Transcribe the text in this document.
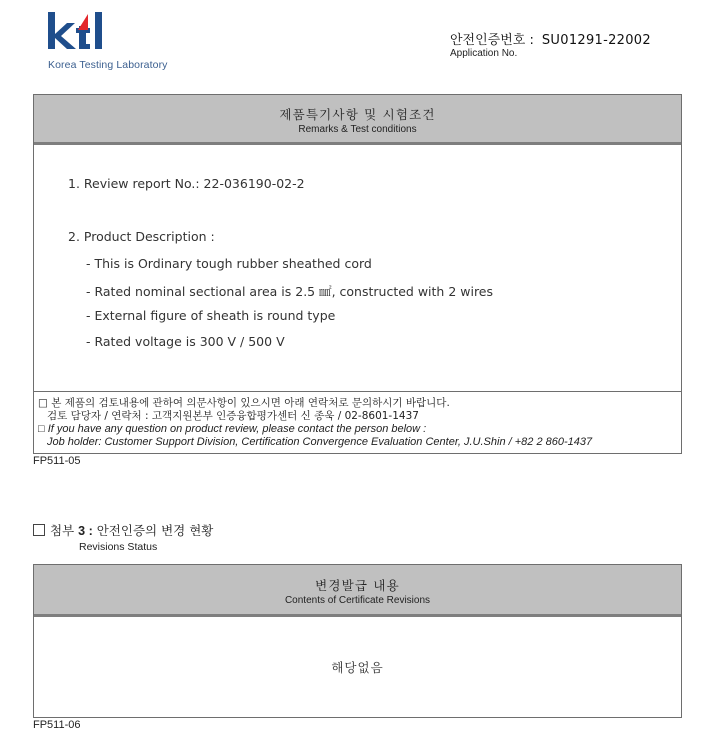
Korea Testing Laboratory
안전인증번호 : SU01291-22002
Application No.
제품특기사항 및 시험조건
Remarks & Test conditions
1. Review report No.: 22-036190-02-2
2. Product Description :
- This is Ordinary tough rubber sheathed cord
- Rated nominal sectional area is 2.5 ㎟, constructed with 2 wires
- External figure of sheath is round type
- Rated voltage is 300 V / 500 V
□ 본 제품의 검토내용에 관하여 의문사항이 있으시면 아래 연락처로 문의하시기 바랍니다.
검토 담당자 / 연락처 : 고객지원본부 인증융합평가센터 신 종욱 / 02-8601-1437
□ If you have any question on product review, please contact the person below :
Job holder: Customer Support Division, Certification Convergence Evaluation Center, J.U.Shin / +82 2 860-1437
FP511-05
첨부 3 : 안전인증의 변경 현황
Revisions Status
변경발급 내용
Contents of Certificate Revisions
해당없음
FP511-06
